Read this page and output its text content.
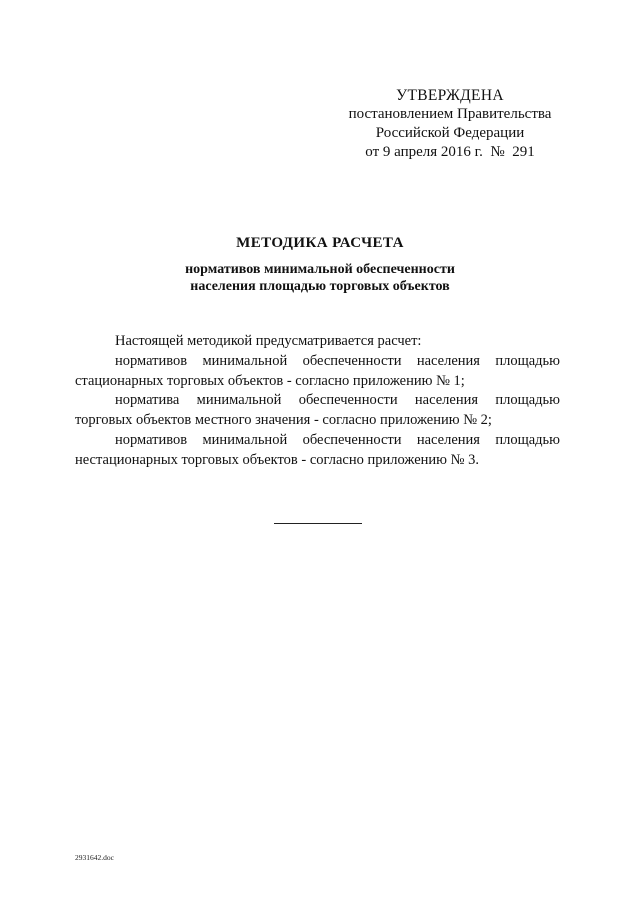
УТВЕРЖДЕНА
постановлением Правительства
Российской Федерации
от 9 апреля 2016 г. № 291
МЕТОДИКА РАСЧЕТА
нормативов минимальной обеспеченности
населения площадью торговых объектов

Настоящей методикой предусматривается расчет:

нормативов минимальной обеспеченности населения площадью стационарных торговых объектов - согласно приложению № 1;

норматива минимальной обеспеченности населения площадью торговых объектов местного значения - согласно приложению № 2;

нормативов минимальной обеспеченности населения площадью нестационарных торговых объектов - согласно приложению № 3.

2931642.doc
